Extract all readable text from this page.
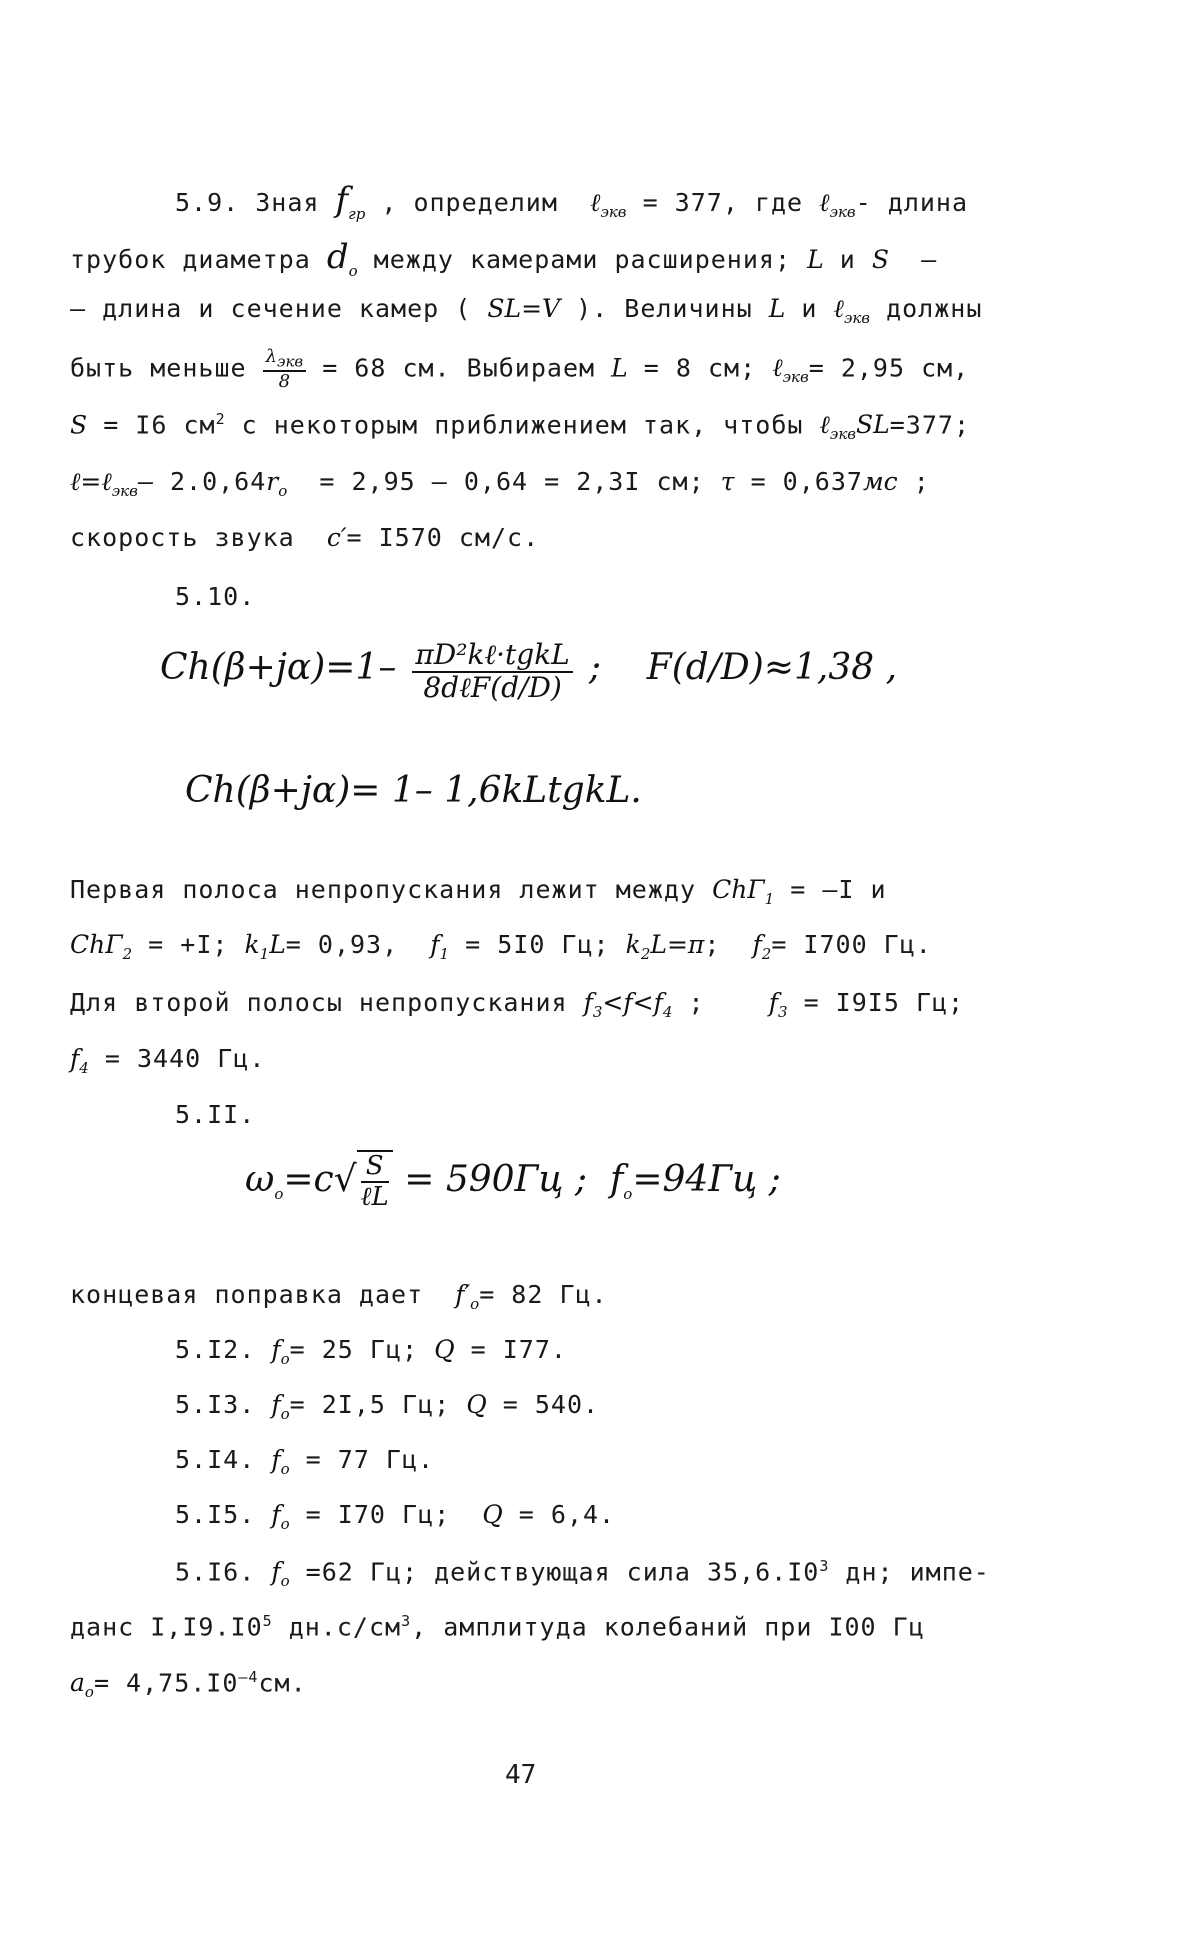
5.9. Зная $f_{гр}$ , определим  ℓ$_{экв}$ = 377, где ℓ$_{экв}$- длина
трубок диаметра $d_o$ между камерами расширения; L и S  –
– длина и сечение камер ( SL=V ). Величины L и ℓ$_{экв}$ должны
быть меньше $\frac{\lambda_{экв}}{8} = 68$ см. Выбираем L = 8 см; ℓ$_{экв}$= 2,95 см,
S = I6 $см^2$ с некоторым приближением так, чтобы ℓ$_{экв}$SL=377;
ℓ=ℓ$_{экв}$– $2.0,64r_o = 2,95 - 0,64 = 2,3I$ см; τ = 0,637мс ;
скорость звука  c′= I570 см/с.
5.10.
$Ch(\beta+j\alpha)=1- \frac{\text{πD²kℓ·tgkL}}{\text{8dℓF(d/D)}}$ ;    F(d/D)≈1,38 ,
Ch(β+jα)= 1– 1,6kLtgkL.
Первая полоса непропускания лежит между ChΓ$_1$ = –I и
ChΓ$_2$ = +I; $k_1L= 0,93$,  $f_1 = 5I0$ Гц; $k_2L=\pi$;  $f_2= I700$ Гц.
Для второй полосы непропускания $f_3<f<f_4$ ;    $f_3 = I9I5$ Гц;
$f_4 = 3440$ Гц.
5.II.
$\omega_o=c√ \frac{S}{\text{ℓL}} = 590Гц$ ;  $f_o=94Гц$ ;
концевая поправка дает  $f'_o= 82$ Гц.
5.I2. $f_o= 25$ Гц; Q = I77.
5.I3. $f_o= 2I,5$ Гц; Q = 540.
5.I4. $f_o = 77$ Гц.
5.I5. $f_o = I70$ Гц;  Q = 6,4.
5.I6. $f_o =62$ Гц; действующая сила $35,6.I0^3$ дн; импе-
данс $I,I9.I0^5$ $дн.с/см^3$, амплитуда колебаний при I00 Гц
$a_o= 4,75.I0^{-4}см$.
47
